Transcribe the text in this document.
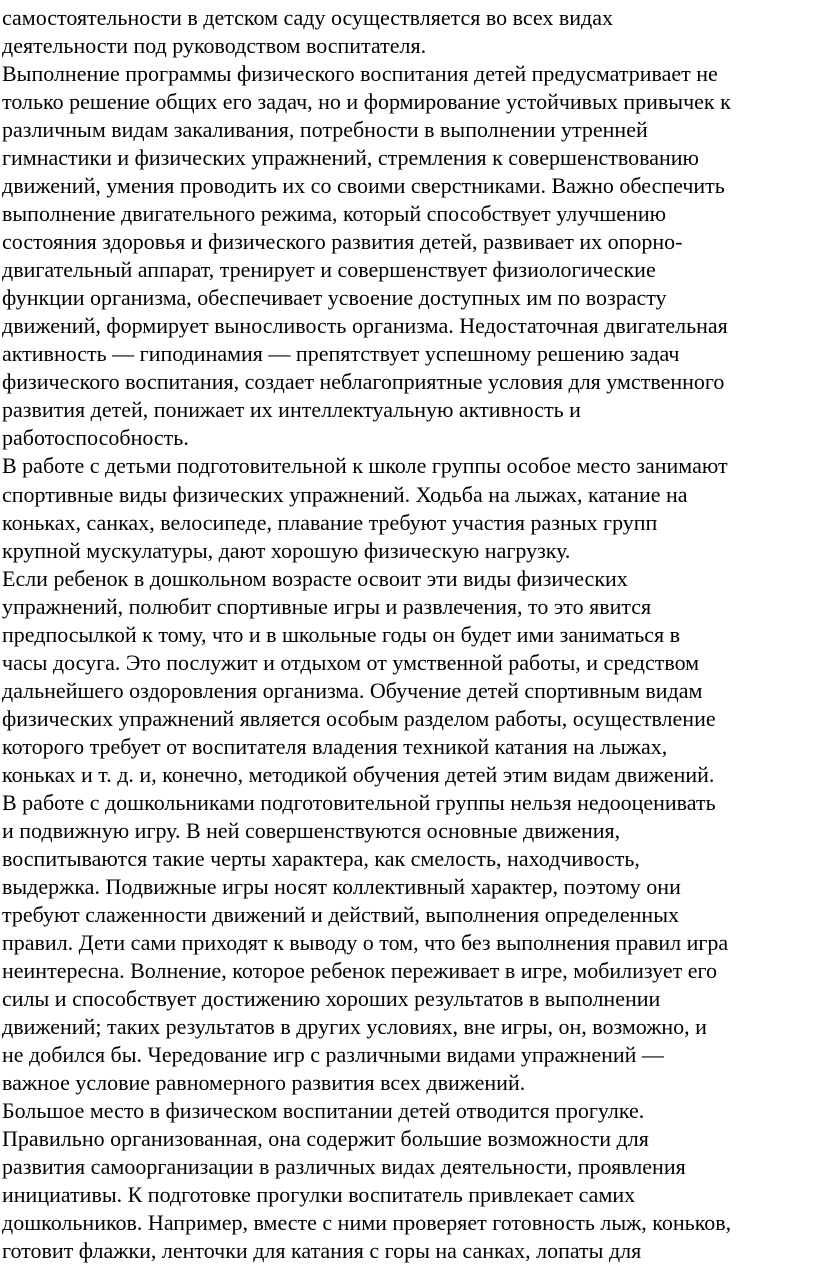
самостоятельности в детском саду осуществляется во всех видах
деятельности под руководством воспитателя.
Выполнение программы физического воспитания детей предусматривает не
только решение общих его задач, но и формирование устойчивых привычек к
различным видам закаливания, потребности в выполнении утренней
гимнастики и физических упражнений, стремления к совершенствованию
движений, умения проводить их со своими сверстниками. Важно обеспечить
выполнение двигательного режима, который способствует улучшению
состояния здоровья и физического развития детей, развивает их опорно-
двигательный аппарат, тренирует и совершенствует физиологические
функции организма, обеспечивает усвоение доступных им по возрасту
движений, формирует выносливость организма. Недостаточная двигательная
активность — гиподинамия — препятствует успешному решению задач
физического воспитания, создает неблагоприятные условия для умственного
развития детей, понижает их интеллектуальную активность и
работоспособность.
В работе с детьми подготовительной к школе группы особое место занимают
спортивные виды физических упражнений. Ходьба на лыжах, катание на
коньках, санках, велосипеде, плавание требуют участия разных групп
крупной мускулатуры, дают хорошую физическую нагрузку.
Если ребенок в дошкольном возрасте освоит эти виды физических
упражнений, полюбит спортивные игры и развлечения, то это явится
предпосылкой к тому, что и в школьные годы он будет ими заниматься в
часы досуга. Это послужит и отдыхом от умственной работы, и средством
дальнейшего оздоровления организма. Обучение детей спортивным видам
физических упражнений является особым разделом работы, осуществление
которого требует от воспитателя владения техникой катания на лыжах,
коньках и т. д. и, конечно, методикой обучения детей этим видам движений.
В работе с дошкольниками подготовительной группы нельзя недооценивать
и подвижную игру. В ней совершенствуются основные движения,
воспитываются такие черты характера, как смелость, находчивость,
выдержка. Подвижные игры носят коллективный характер, поэтому они
требуют слаженности движений и действий, выполнения определенных
правил. Дети сами приходят к выводу о том, что без выполнения правил игра
неинтересна. Волнение, которое ребенок переживает в игре, мобилизует его
силы и способствует достижению хороших результатов в выполнении
движений; таких результатов в других условиях, вне игры, он, возможно, и
не добился бы. Чередование игр с различными видами упражнений —
важное условие равномерного развития всех движений.
Большое место в физическом воспитании детей отводится прогулке.
Правильно организованная, она содержит большие возможности для
развития самоорганизации в различных видах деятельности, проявления
инициативы. К подготовке прогулки воспитатель привлекает самих
дошкольников. Например, вместе с ними проверяет готовность лыж, коньков,
готовит флажки, ленточки для катания с горы на санках, лопаты для
